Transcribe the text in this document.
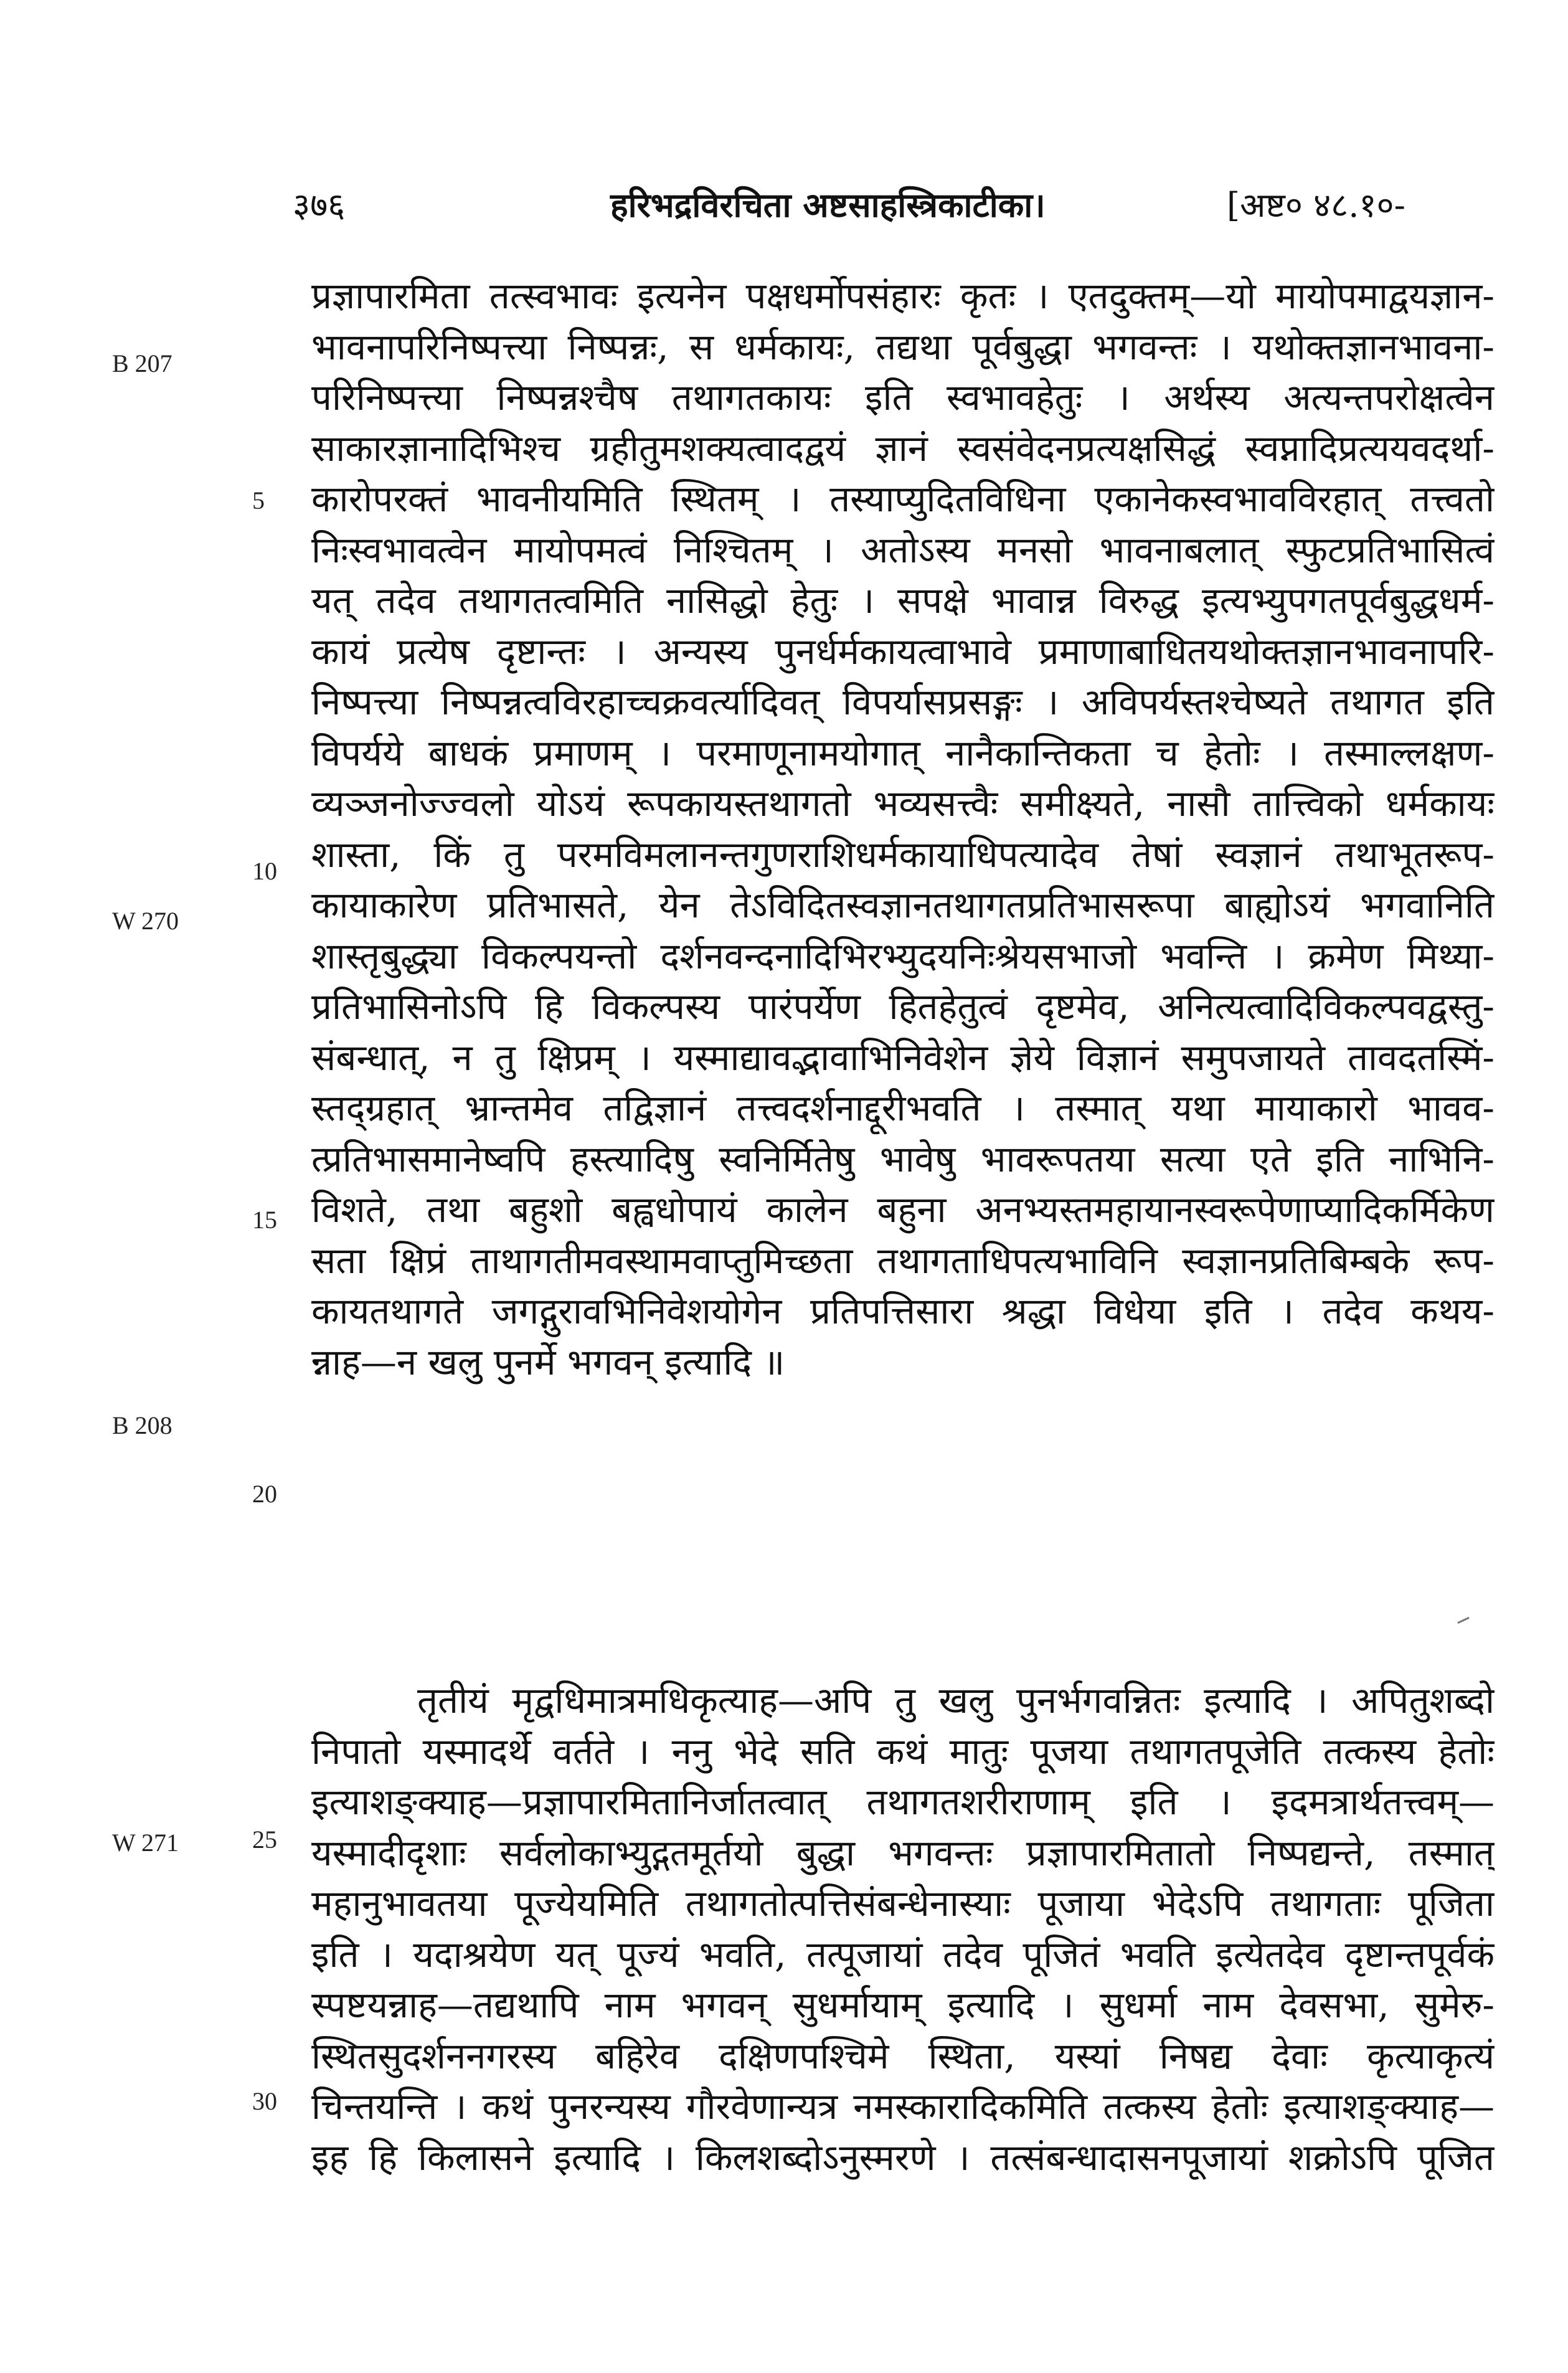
३७६	हरिभद्रविरचिता अष्टसाहस्त्रिकाटीका।	[अष्ट० ४८.१०-
B 207
W 270
B 208
W 271
5
10
15
20
25
30
प्रज्ञापारमिता तत्स्वभावः इत्यनेन पक्षधर्मोपसंहारः कृतः । एतदुक्तम्—यो मायोपमाद्वयज्ञान-
भावनापरिनिष्पत्त्या निष्पन्नः, स धर्मकायः, तद्यथा पूर्वबुद्धा भगवन्तः । यथोक्तज्ञानभावना-
परिनिष्पत्त्या निष्पन्नश्चैष तथागतकायः इति स्वभावहेतुः । अर्थस्य अत्यन्तपरोक्षत्वेन
साकारज्ञानादिभिश्च ग्रहीतुमशक्यत्वादद्वयं ज्ञानं स्वसंवेदनप्रत्यक्षसिद्धं स्वप्नादिप्रत्ययवदर्था-
कारोपरक्तं भावनीयमिति स्थितम् । तस्याप्युदितविधिना एकानेकस्वभावविरहात् तत्त्वतो
निःस्वभावत्वेन मायोपमत्वं निश्चितम् । अतोऽस्य मनसो भावनाबलात् स्फुटप्रतिभासित्वं
यत् तदेव तथागतत्वमिति नासिद्धो हेतुः । सपक्षे भावान्न विरुद्ध इत्यभ्युपगतपूर्वबुद्धधर्म-
कायं प्रत्येष दृष्टान्तः । अन्यस्य पुनर्धर्मकायत्वाभावे प्रमाणाबाधितयथोक्तज्ञानभावनापरि-
निष्पत्त्या निष्पन्नत्वविरहाच्चक्रवर्त्यादिवत् विपर्यासप्रसङ्गः । अविपर्यस्तश्चेष्यते तथागत इति
विपर्यये बाधकं प्रमाणम् । परमाणूनामयोगात् नानैकान्तिकता च हेतोः । तस्माल्लक्षण-
व्यञ्जनोज्ज्वलो योऽयं रूपकायस्तथागतो भव्यसत्त्वैः समीक्ष्यते, नासौ तात्त्विको धर्मकायः
शास्ता, किं तु परमविमलानन्तगुणराशिधर्मकायाधिपत्यादेव तेषां स्वज्ञानं तथाभूतरूप-
कायाकारेण प्रतिभासते, येन तेऽविदितस्वज्ञानतथागतप्रतिभासरूपा बाह्योऽयं भगवानिति
शास्तृबुद्ध्या विकल्पयन्तो दर्शनवन्दनादिभिरभ्युदयनिःश्रेयसभाजो भवन्ति । क्रमेण मिथ्या-
प्रतिभासिनोऽपि हि विकल्पस्य पारंपर्येण हितहेतुत्वं दृष्टमेव, अनित्यत्वादिविकल्पवद्वस्तु-
संबन्धात्, न तु क्षिप्रम् । यस्माद्यावद्भावाभिनिवेशेन ज्ञेये विज्ञानं समुपजायते तावदतस्मिं-
स्तद्ग्रहात् भ्रान्तमेव तद्विज्ञानं तत्त्वदर्शनाद्दूरीभवति । तस्मात् यथा मायाकारो भावव-
त्प्रतिभासमानेष्वपि हस्त्यादिषु स्वनिर्मितेषु भावेषु भावरूपतया सत्या एते इति नाभिनि-
विशते, तथा बहुशो बह्वधोपायं कालेन बहुना अनभ्यस्तमहायानस्वरूपेणाप्यादिकर्मिकेण
सता क्षिप्रं ताथागतीमवस्थामवाप्तुमिच्छता तथागताधिपत्यभाविनि स्वज्ञानप्रतिबिम्बके रूप-
कायतथागते जगद्गुरावभिनिवेशयोगेन प्रतिपत्तिसारा श्रद्धा विधेया इति । तदेव कथय-
न्नाह—न खलु पुनर्मे भगवन् इत्यादि ॥
तृतीयं मृद्वधिमात्रमधिकृत्याह—अपि तु खलु पुनर्भगवन्नितः इत्यादि । अपितुशब्दो
निपातो यस्मादर्थे वर्तते । ननु भेदे सति कथं मातुः पूजया तथागतपूजेति तत्कस्य हेतोः
इत्याशङ्क्याह—प्रज्ञापारमितानिर्जातत्वात् तथागतशरीराणाम् इति । इदमत्रार्थतत्त्वम्—
यस्मादीदृशाः सर्वलोकाभ्युद्गतमूर्तयो बुद्धा भगवन्तः प्रज्ञापारमितातो निष्पद्यन्ते, तस्मात्
महानुभावतया पूज्येयमिति तथागतोत्पत्तिसंबन्धेनास्याः पूजाया भेदेऽपि तथागताः पूजिता
इति । यदाश्रयेण यत् पूज्यं भवति, तत्पूजायां तदेव पूजितं भवति इत्येतदेव दृष्टान्तपूर्वकं
स्पष्टयन्नाह—तद्यथापि नाम भगवन् सुधर्मायाम् इत्यादि । सुधर्मा नाम देवसभा, सुमेरु-
स्थितसुदर्शननगरस्य बहिरेव दक्षिणपश्चिमे स्थिता, यस्यां निषद्य देवाः कृत्याकृत्यं
चिन्तयन्ति । कथं पुनरन्यस्य गौरवेणान्यत्र नमस्कारादिकमिति तत्कस्य हेतोः इत्याशङ्क्याह—
इह हि किलासने इत्यादि । किलशब्दोऽनुस्मरणे । तत्संबन्धादासनपूजायां शक्रोऽपि पूजित
